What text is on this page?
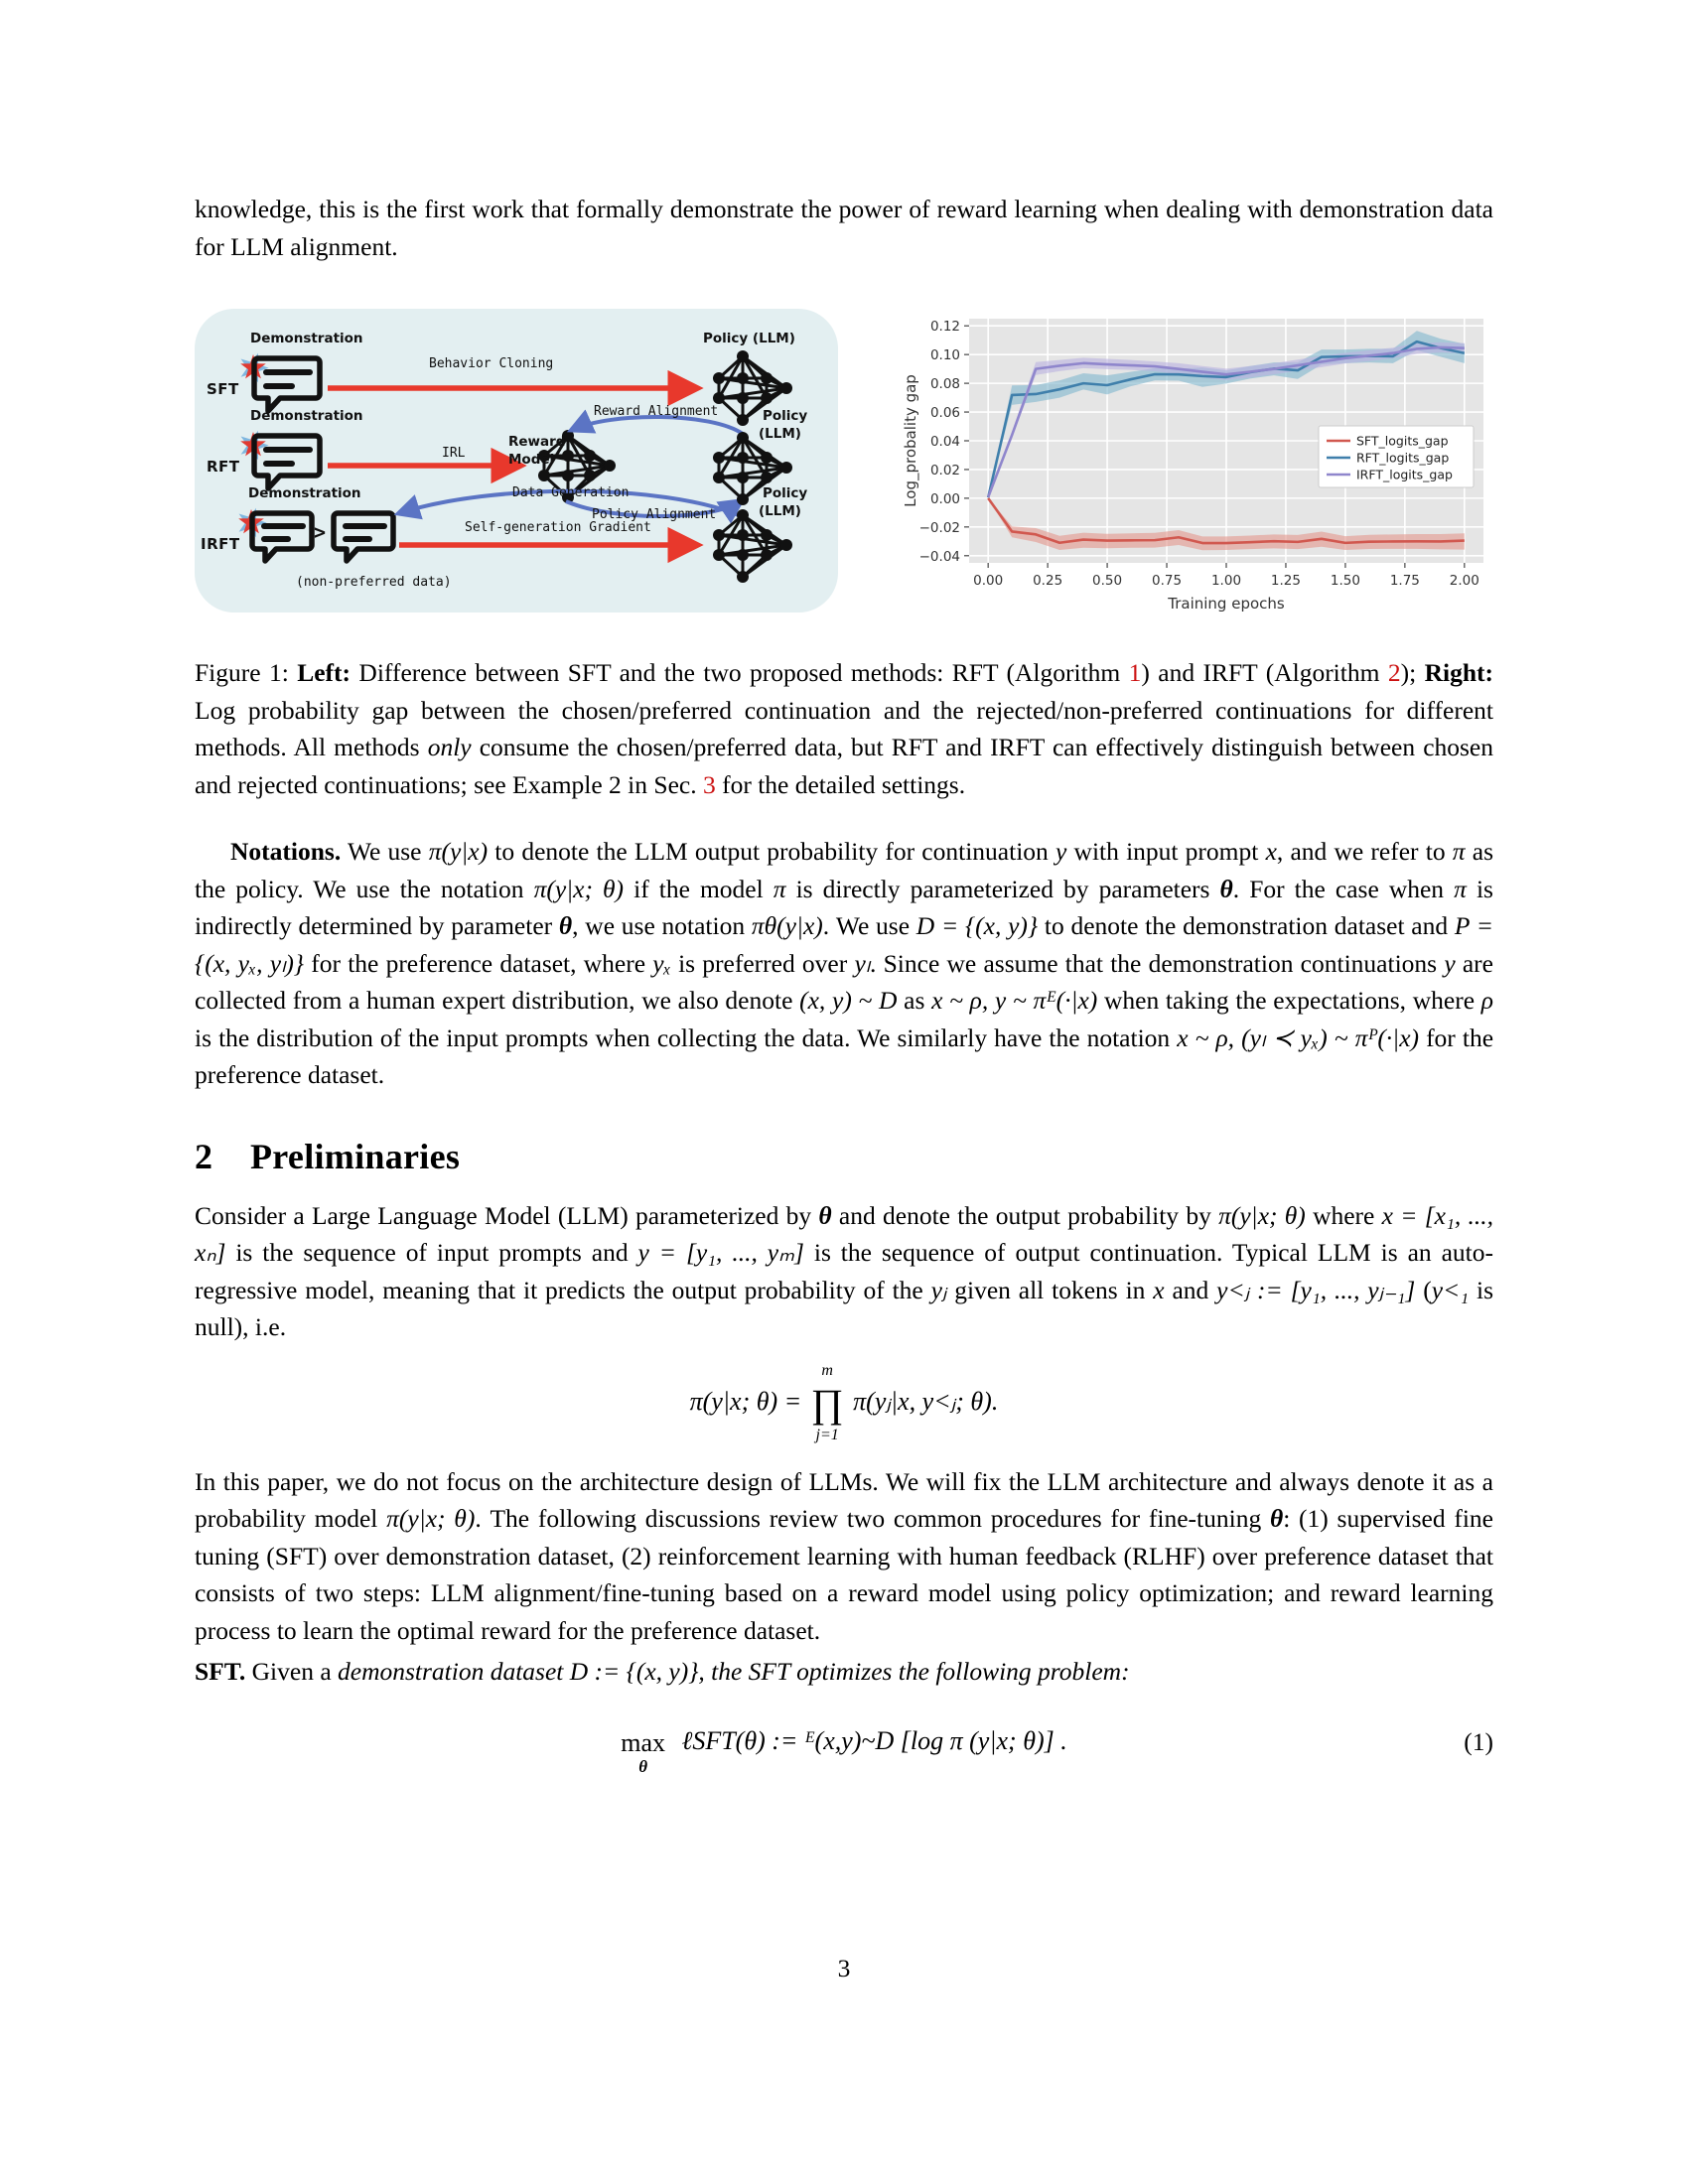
knowledge, this is the first work that formally demonstrate the power of reward learning when dealing with demonstration data for LLM alignment.

SFT
RFT
IRFT
Demonstration
Demonstration
Demonstration
Policy (LLM)
Policy
(LLM)
Policy
(LLM)
Reward
Model
Behavior Cloning
IRL
Reward Alignment
Policy Alignment
Data Generation
Self-generation Gradient
(non-preferred data)
>
0.12
0.10
0.08
0.06
0.04
0.02
0.00
−0.02
−0.04
0.00 0.25 0.50 0.75 1.00 1.25 1.50 1.75 2.00
Training epochs
Log_probality gap	SFT_logits_gap
RFT_logits_gap
IRFT_logits_gap

Figure 1: Left: Difference between SFT and the two proposed methods: RFT (Algorithm 1) and IRFT (Algorithm 2); Right: Log probability gap between the chosen/preferred continuation and the rejected/non-preferred continuations for different methods. All methods only consume the chosen/preferred data, but RFT and IRFT can effectively distinguish between chosen and rejected continuations; see Example 2 in Sec. 3 for the detailed settings.

Notations. We use π(y|x) to denote the LLM output probability for continuation y with input prompt x, and we refer to π as the policy. We use the notation π(y|x; θ) if the model π is directly parameterized by parameters θ. For the case when π is indirectly determined by parameter θ, we use notation πθ(y|x). We use D = {(x, y)} to denote the demonstration dataset and P = {(x, yₓ, yₗ)} for the preference dataset, where yₓ is preferred over yₗ. Since we assume that the demonstration continuations y are collected from a human expert distribution, we also denote (x, y) ~ D as x ~ ρ, y ~ πᴱ(·|x) when taking the expectations, where ρ is the distribution of the input prompts when collecting the data. We similarly have the notation x ~ ρ, (yₗ ≺ yₓ) ~ πᴾ(·|x) for the preference dataset.

2 Preliminaries

Consider a Large Language Model (LLM) parameterized by θ and denote the output probability by π(y|x; θ) where x = [x₁, ..., xₙ] is the sequence of input prompts and y = [y₁, ..., yₘ] is the sequence of output continuation. Typical LLM is an auto-regressive model, meaning that it predicts the output probability of the yⱼ given all tokens in x and y<ⱼ := [y₁, ..., yⱼ₋₁] (y<₁ is null), i.e.

π(y|x; θ) =
m
∏
j=1
π(yⱼ|x, y<ⱼ; θ).

In this paper, we do not focus on the architecture design of LLMs. We will fix the LLM architecture and always denote it as a probability model π(y|x; θ). The following discussions review two common procedures for fine-tuning θ: (1) supervised fine tuning (SFT) over demonstration dataset, (2) reinforcement learning with human feedback (RLHF) over preference dataset that consists of two steps: LLM alignment/fine-tuning based on a reward model using policy optimization; and reward learning process to learn the optimal reward for the preference dataset.

SFT. Given a demonstration dataset D := {(x, y)}, the SFT optimizes the following problem:

max
θ
ℓSFT(θ) := ᴱ(x,y)~D [log π (y|x; θ)] .	(1)
3
